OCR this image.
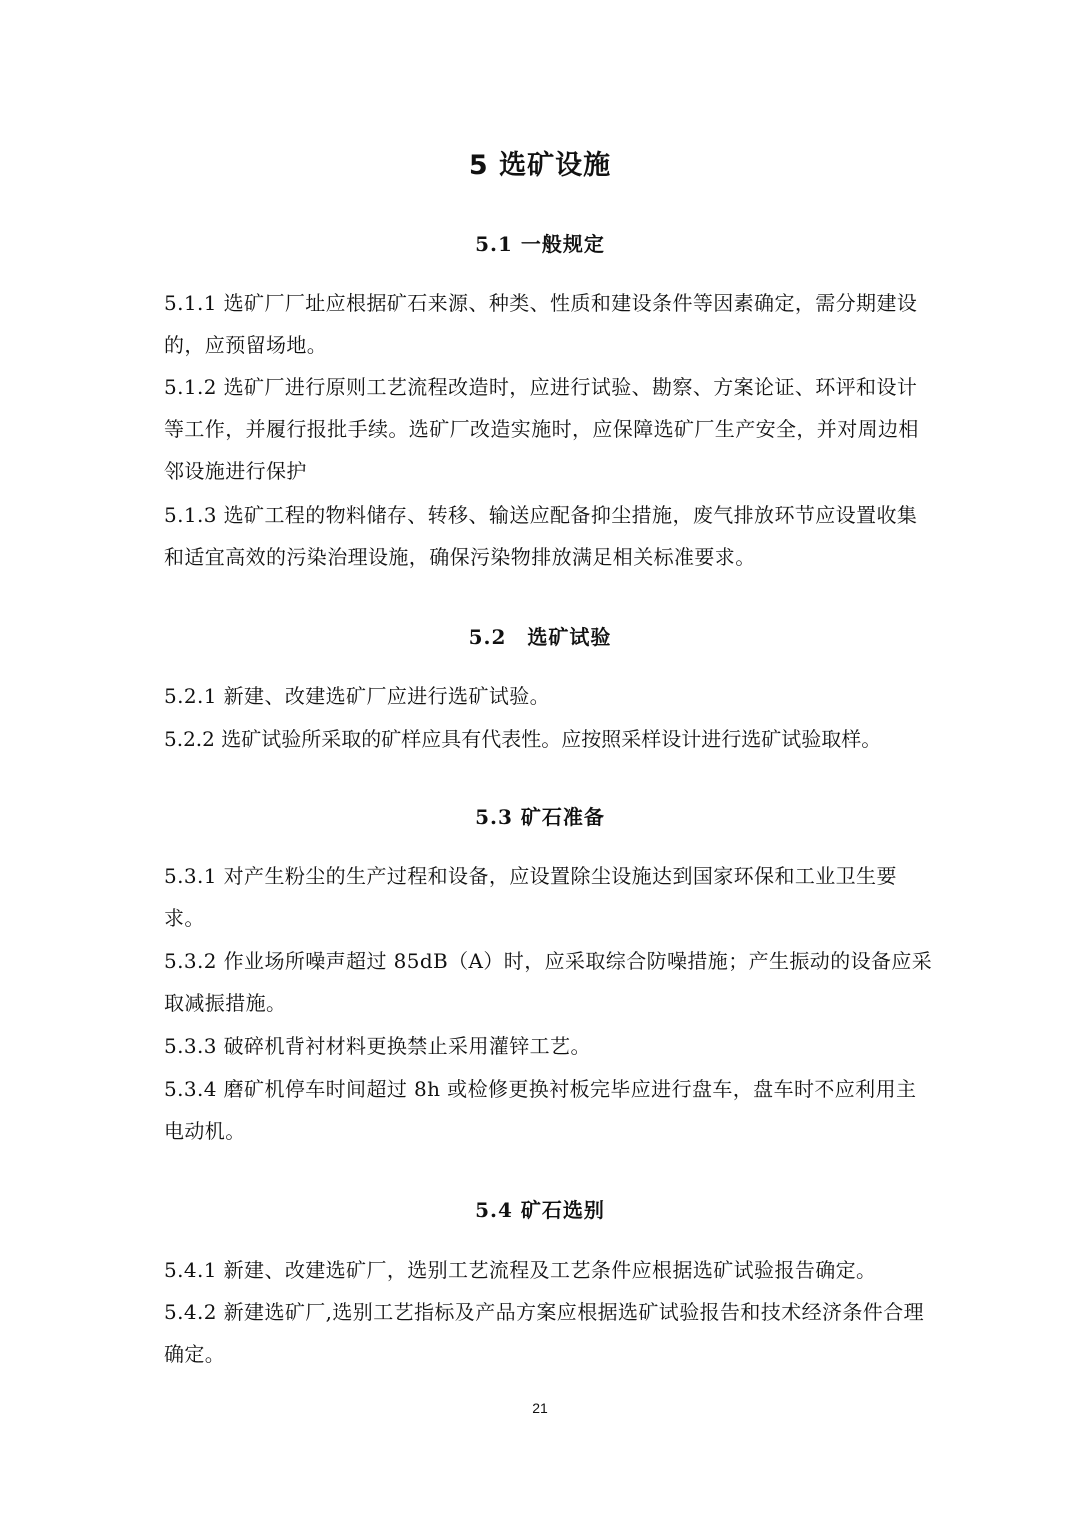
5 选矿设施
5.1 一般规定

5.1.1 选矿厂厂址应根据矿石来源、种类、性质和建设条件等因素确定，需分期建设的，应预留场地。

5.1.2 选矿厂进行原则工艺流程改造时，应进行试验、勘察、方案论证、环评和设计等工作，并履行报批手续。选矿厂改造实施时，应保障选矿厂生产安全，并对周边相邻设施进行保护

5.1.3 选矿工程的物料储存、转移、输送应配备抑尘措施，废气排放环节应设置收集和适宜高效的污染治理设施，确保污染物排放满足相关标准要求。

5.2　选矿试验

5.2.1 新建、改建选矿厂应进行选矿试验。

5.2.2 选矿试验所采取的矿样应具有代表性。应按照采样设计进行选矿试验取样。

5.3 矿石准备

5.3.1 对产生粉尘的生产过程和设备，应设置除尘设施达到国家环保和工业卫生要求。

5.3.2 作业场所噪声超过 85dB（A）时，应采取综合防噪措施；产生振动的设备应采取减振措施。

5.3.3 破碎机背衬材料更换禁止采用灌锌工艺。

5.3.4 磨矿机停车时间超过 8h 或检修更换衬板完毕应进行盘车，盘车时不应利用主电动机。

5.4 矿石选别

5.4.1 新建、改建选矿厂，选别工艺流程及工艺条件应根据选矿试验报告确定。

5.4.2 新建选矿厂,选别工艺指标及产品方案应根据选矿试验报告和技术经济条件合理确定。

21
